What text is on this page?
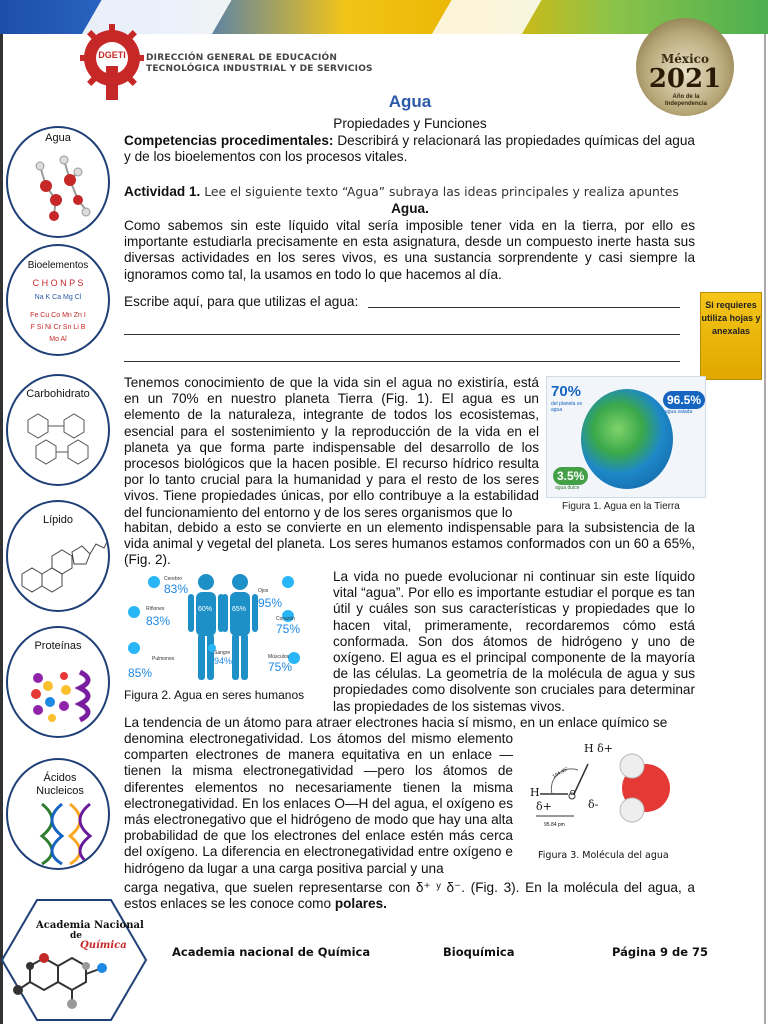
DGETI DIRECCIÓN GENERAL DE EDUCACIÓN
TECNOLÓGICA INDUSTRIAL Y DE SERVICIOS
México
2021
Año de la Independencia
Agua
Bioelementos
C H O N P S
Na K Ca Mg Cl
Fe Cu Co Mn Zn I
F Si Ni Cr Sn Li B
Mo Al
Carbohidrato
Lípido
Proteínas
Ácidos Nucleicos
Academia Nacional
de
Química
Agua
Propiedades y Funciones
Competencias procedimentales: Describirá y relacionará las propiedades químicas del agua y de los bioelementos con los procesos vitales.
Actividad 1. Lee el siguiente texto “Agua” subraya las ideas principales y realiza apuntes
Agua.
Como sabemos sin este líquido vital sería imposible tener vida en la tierra, por ello es importante estudiarla precisamente en esta asignatura, desde un compuesto inerte hasta sus diversas actividades en los seres vivos, es una sustancia sorprendente y casi siempre la ignoramos como tal, la usamos en todo lo que hacemos al día.
Escribe aquí, para que utilizas el agua:	Si requieres utiliza hojas y anexalas
Tenemos conocimiento de que la vida sin el agua no existiría, está en un 70% en nuestro planeta Tierra (Fig. 1). El agua es un elemento de la naturaleza, integrante de todos los ecosistemas, esencial para el sostenimiento y la reproducción de la vida en el planeta ya que forma parte indispensable del desarrollo de los procesos biológicos que la hacen posible. El recurso hídrico resulta por lo tanto crucial para la humanidad y para el resto de los seres vivos. Tiene propiedades únicas, por ello contribuye a la estabilidad del funcionamiento del entorno y de los seres organismos que lo
70%
del planeta es agua
96.5%
agua salada
3.5%
agua dulce
Figura 1. Agua en la Tierra
habitan, debido a esto se convierte en un elemento indispensable para la subsistencia de la vida animal y vegetal del planeta. Los seres humanos estamos conformados con un 60 a 65%, (Fig. 2).
Cerebro
83%
Riñones
83%
Pulmones
85%
60%	65%
Sangre
94%
Ojos
95%
Corazón
75%
Músculos
75%
Figura 2. Agua en seres humanos
La vida no puede evolucionar ni continuar sin este líquido vital “agua”. Por ello es importante estudiar el porque es tan útil y cuáles son sus características y propiedades que lo hacen vital, primeramente, recordaremos cómo está conformada. Son dos átomos de hidrógeno y uno de oxígeno. El agua es el principal componente de la mayoría de las células. La geometría de la molécula de agua y sus propiedades como disolvente son cruciales para determinar las propiedades de los sistemas vivos.
La tendencia de un átomo para atraer electrones hacia sí mismo, en un enlace químico se
denomina electronegatividad. Los átomos del mismo elemento comparten electrones de manera equitativa en un enlace — tienen la misma electronegatividad —pero los átomos de diferentes elementos no necesariamente tienen la misma electronegatividad. En los enlaces O—H del agua, el oxígeno es más electronegativo que el hidrógeno de modo que hay una alta probabilidad de que los electrones del enlace estén más cerca del oxígeno. La diferencia en electronegatividad entre oxígeno e hidrógeno da lugar a una carga positiva parcial y una
H δ+
H
δ+
O
δ-
104.45°
95.84 pm
Figura 3. Molécula del agua
carga negativa, que suelen representarse con δ⁺ ʸ δ⁻. (Fig. 3). En la molécula del agua, a estos enlaces se les conoce como polares.
Academia nacional de Química	Bioquímica	Página 9 de 75
